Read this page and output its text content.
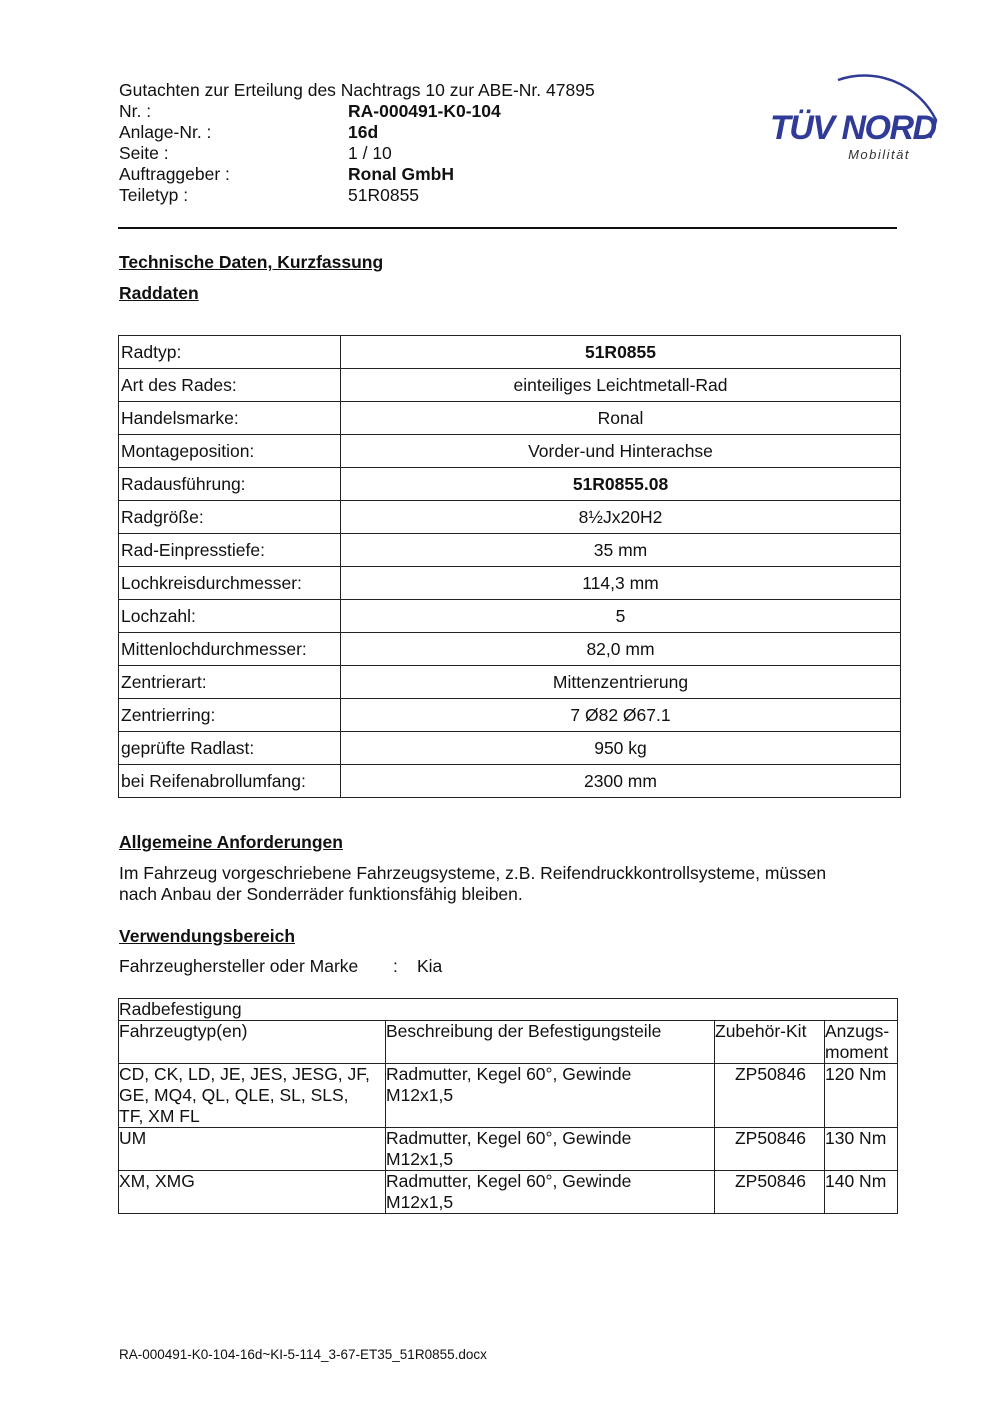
Gutachten zur Erteilung des Nachtrags 10 zur ABE-Nr. 47895
Nr. :	RA-000491-K0-104
Anlage-Nr. :	16d
Seite :	1 / 10
Auftraggeber :	Ronal GmbH
Teiletyp :	51R0855
TÜV NORD
Mobilität
Technische Daten, Kurzfassung
Raddaten
Radtyp:	51R0855
Art des Rades:	einteiliges Leichtmetall-Rad
Handelsmarke:	Ronal
Montageposition:	Vorder-und Hinterachse
Radausführung:	51R0855.08
Radgröße:	8½Jx20H2
Rad-Einpresstiefe:	35 mm
Lochkreisdurchmesser:	114,3 mm
Lochzahl:	5
Mittenlochdurchmesser:	82,0 mm
Zentrierart:	Mittenzentrierung
Zentrierring:	7 Ø82 Ø67.1
geprüfte Radlast:	950 kg
bei Reifenabrollumfang:	2300 mm
Allgemeine Anforderungen
Im Fahrzeug vorgeschriebene Fahrzeugsysteme, z.B. Reifendruckkontrollsysteme, müssen
nach Anbau der Sonderräder funktionsfähig bleiben.
Verwendungsbereich
Fahrzeughersteller oder Marke	:	Kia
Radbefestigung			
Fahrzeugtyp(en)	Beschreibung der Befestigungsteile	Zubehör-Kit	Anzugs-
moment
CD, CK, LD, JE, JES, JESG, JF,
GE, MQ4, QL, QLE, SL, SLS,
TF, XM FL	Radmutter, Kegel 60°, Gewinde
M12x1,5	ZP50846	120 Nm
UM	Radmutter, Kegel 60°, Gewinde
M12x1,5	ZP50846	130 Nm
XM, XMG	Radmutter, Kegel 60°, Gewinde
M12x1,5	ZP50846	140 Nm
RA-000491-K0-104-16d~KI-5-114_3-67-ET35_51R0855.docx
